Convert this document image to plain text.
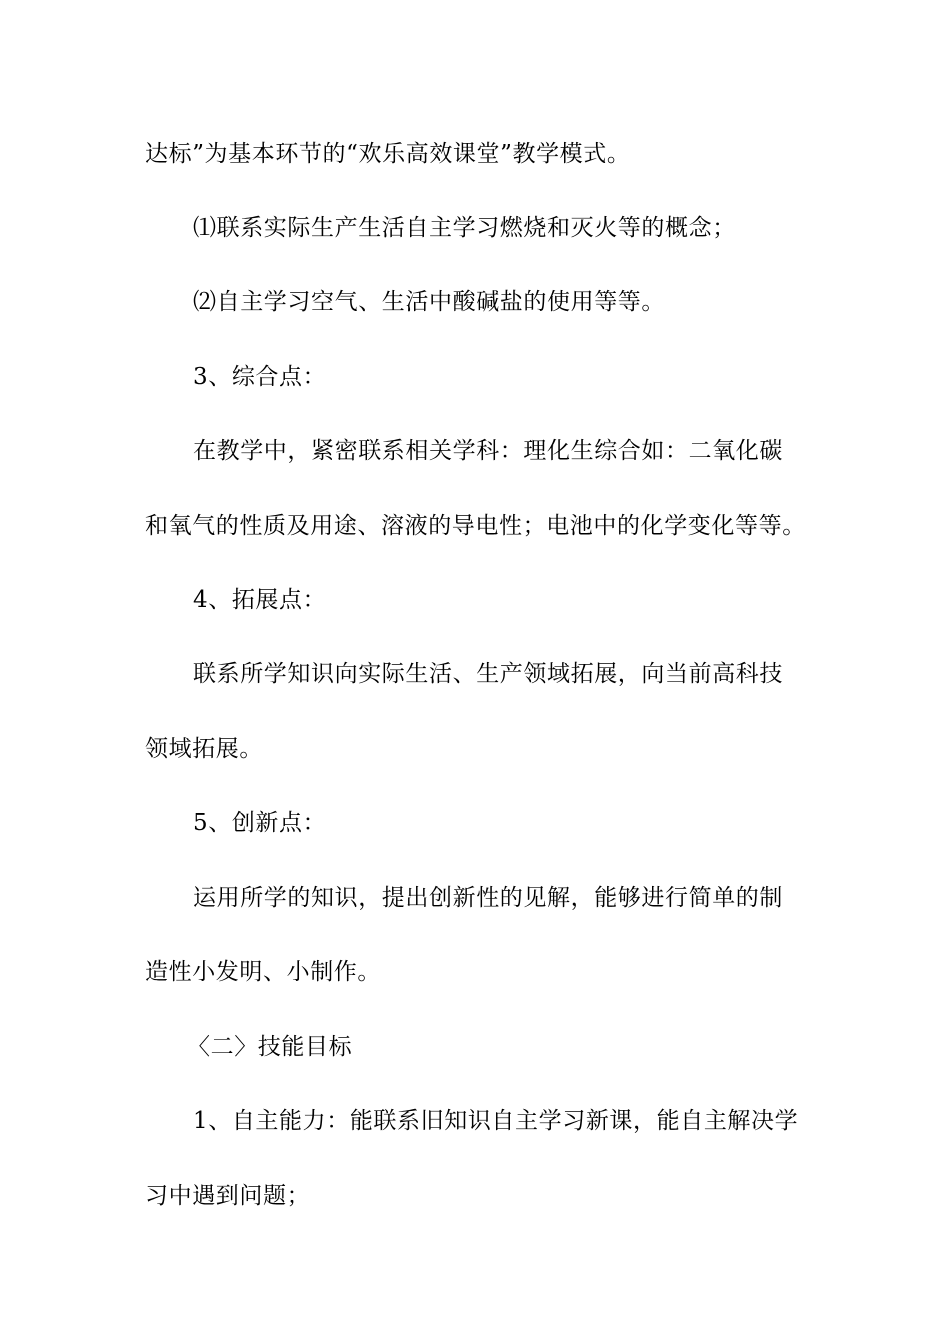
达标”为基本环节的“欢乐高效课堂”教学模式。
⑴联系实际生产生活自主学习燃烧和灭火等的概念；
⑵自主学习空气、生活中酸碱盐的使用等等。
3、综合点：
在教学中，紧密联系相关学科：理化生综合如：二氧化碳
和氧气的性质及用途、溶液的导电性；电池中的化学变化等等。
4、拓展点：
联系所学知识向实际生活、生产领域拓展，向当前高科技
领域拓展。
5、创新点：
运用所学的知识，提出创新性的见解，能够进行简单的制
造性小发明、小制作。
〈二〉技能目标
1、自主能力：能联系旧知识自主学习新课，能自主解决学
习中遇到问题；
